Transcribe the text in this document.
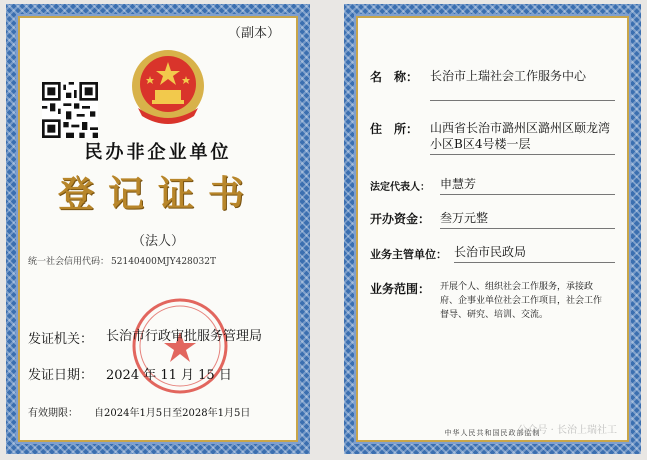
（副本）
民办非企业单位
登记证书
（法人）
统一社会信用代码： 52140400MJY428032T
发证机关： 长治市行政审批服务管理局
发证日期： 2024 年 11 月 15 日
有效期限： 自2024年1月5日至2028年1月5日
名　称： 长治市上瑞社会工作服务中心
住　所： 山西省长治市潞州区潞州区颐龙湾小区B区4号楼一层
法定代表人： 申慧芳
开办资金： 叁万元整
业务主管单位： 长治市民政局
业务范围： 开展个人、组织社会工作服务，承接政府、企事业单位社会工作项目，社会工作督导、研究、培训、交流。
中华人民共和国民政部监制
公众号 · 长治上瑞社工
